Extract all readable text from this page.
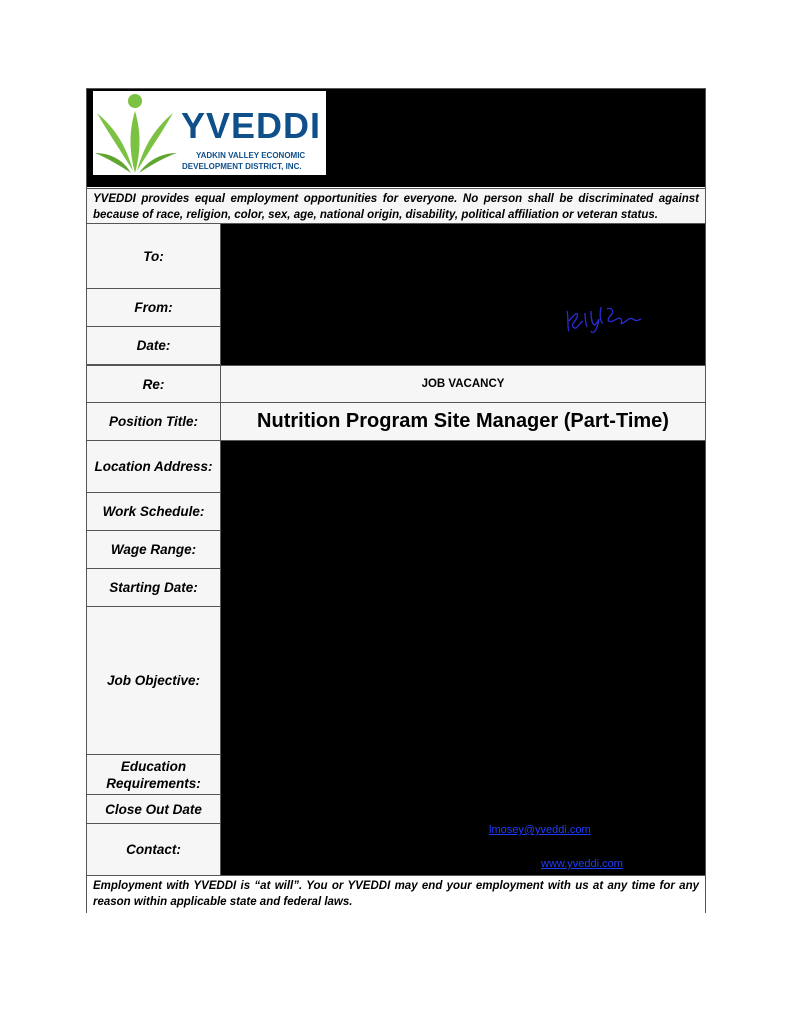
YVEDDI
YADKIN VALLEY ECONOMIC
DEVELOPMENT DISTRICT, INC.
YVEDDI provides equal employment opportunities for everyone. No person shall be discriminated against because of race, religion, color, sex, age, national origin, disability, political affiliation or veteran status.
To:
From:
Date:
Re:	JOB VACANCY
Position Title:	Nutrition Program Site Manager (Part-Time)
Location Address:
Work Schedule:
Wage Range:
Starting Date:
Job Objective:
Education Requirements:
Close Out Date
Contact:
lmosey@yveddi.com
www.yveddi.com
Employment with YVEDDI is “at will”. You or YVEDDI may end your employment with us at any time for any reason within applicable state and federal laws.
